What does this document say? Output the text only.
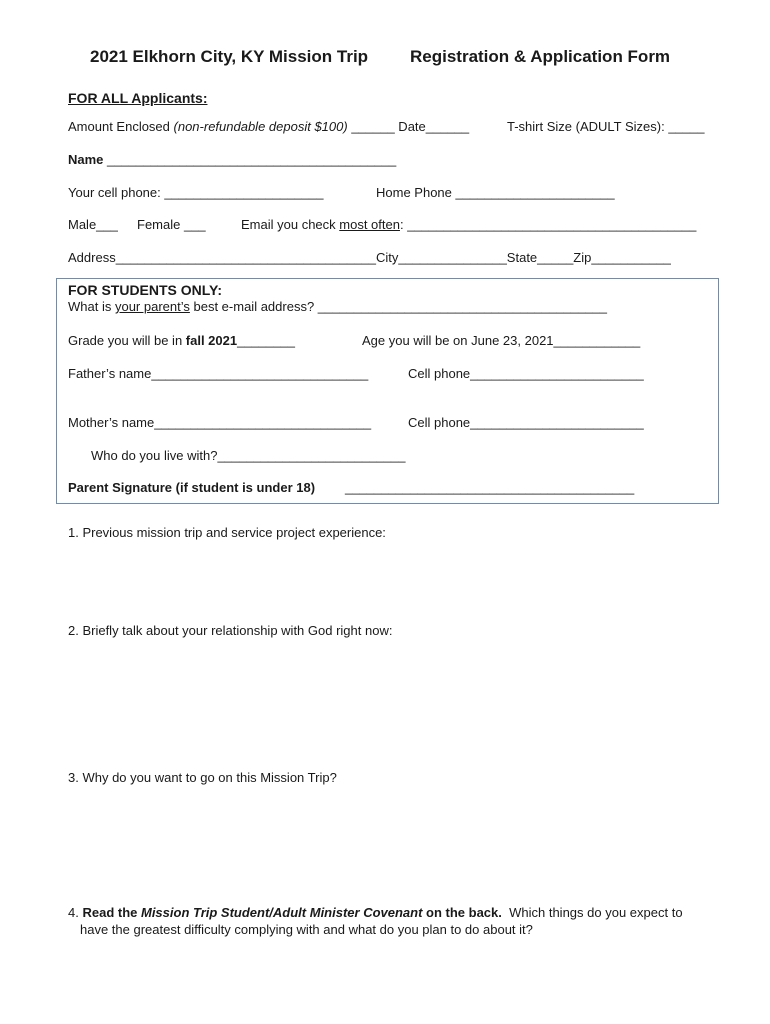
2021 Elkhorn City, KY Mission Trip Registration & Application Form
FOR ALL Applicants:
Amount Enclosed (non-refundable deposit $100) ______ Date______	T-shirt Size (ADULT Sizes): _____
Name ________________________________________
Your cell phone: ______________________	Home Phone ______________________
Male___ Female ___	Email you check most often: ________________________________________
Address____________________________________City_______________State_____Zip___________
FOR STUDENTS ONLY:
What is your parent’s best e-mail address? ________________________________________
Grade you will be in fall 2021________	Age you will be on June 23, 2021____________
Father’s name______________________________	Cell phone________________________
Mother’s name______________________________	Cell phone________________________
Who do you live with?__________________________
Parent Signature (if student is under 18) ________________________________________
1. Previous mission trip and service project experience:
2. Briefly talk about your relationship with God right now:
3. Why do you want to go on this Mission Trip?
4. Read the Mission Trip Student/Adult Minister Covenant on the back.  Which things do you expect to
have the greatest difficulty complying with and what do you plan to do about it?
